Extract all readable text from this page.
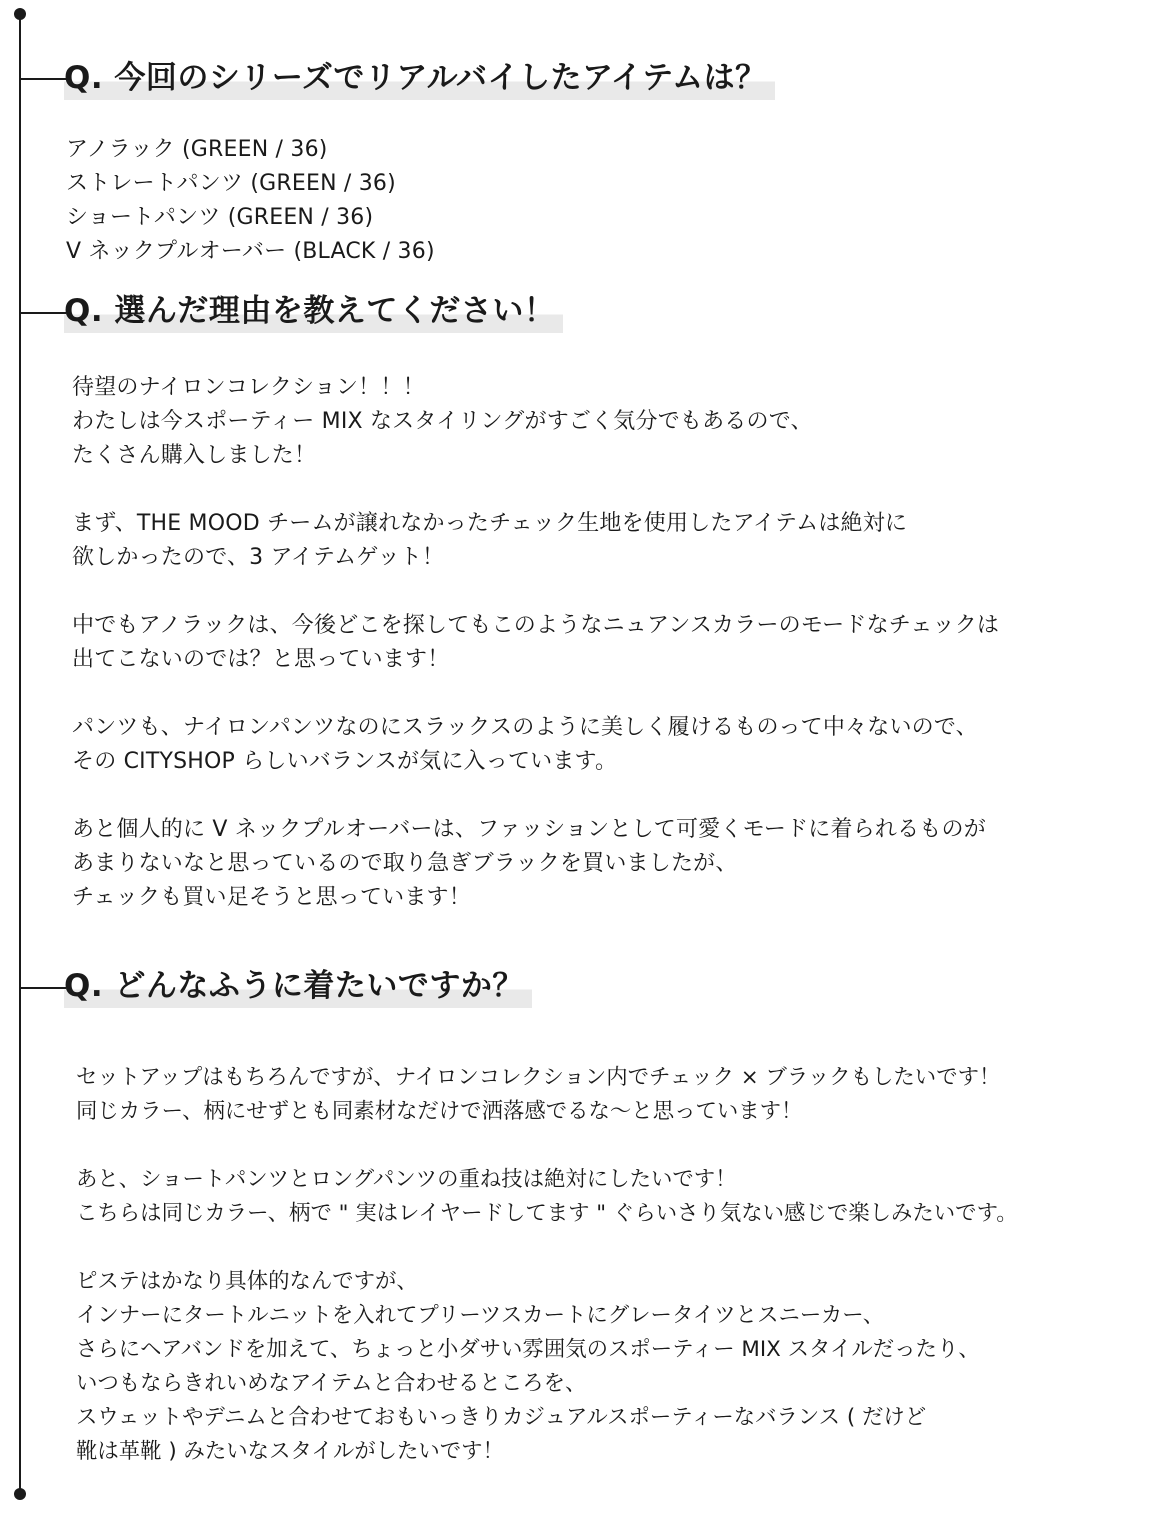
Q. 今回のシリーズでリアルバイしたアイテムは？
アノラック (GREEN / 36)
ストレートパンツ (GREEN / 36)
ショートパンツ (GREEN / 36)
V ネックプルオーバー (BLACK / 36)
Q. 選んだ理由を教えてください！
待望のナイロンコレクション！！！
わたしは今スポーティー MIX なスタイリングがすごく気分でもあるので、
たくさん購入しました！
まず、THE MOOD チームが譲れなかったチェック生地を使用したアイテムは絶対に
欲しかったので、3 アイテムゲット！
中でもアノラックは、今後どこを探してもこのようなニュアンスカラーのモードなチェックは
出てこないのでは？と思っています！
パンツも、ナイロンパンツなのにスラックスのように美しく履けるものって中々ないので、
その CITYSHOP らしいバランスが気に入っています。
あと個人的に V ネックプルオーバーは、ファッションとして可愛くモードに着られるものが
あまりないなと思っているので取り急ぎブラックを買いましたが、
チェックも買い足そうと思っています！
Q. どんなふうに着たいですか？
セットアップはもちろんですが、ナイロンコレクション内でチェック × ブラックもしたいです！
同じカラー、柄にせずとも同素材なだけで洒落感でるな〜と思っています！
あと、ショートパンツとロングパンツの重ね技は絶対にしたいです！
こちらは同じカラー、柄で " 実はレイヤードしてます " ぐらいさり気ない感じで楽しみたいです。
ピステはかなり具体的なんですが、
インナーにタートルニットを入れてプリーツスカートにグレータイツとスニーカー、
さらにヘアバンドを加えて、ちょっと小ダサい雰囲気のスポーティー MIX スタイルだったり、
いつもならきれいめなアイテムと合わせるところを、
スウェットやデニムと合わせておもいっきりカジュアルスポーティーなバランス ( だけど
靴は革靴 ) みたいなスタイルがしたいです！
